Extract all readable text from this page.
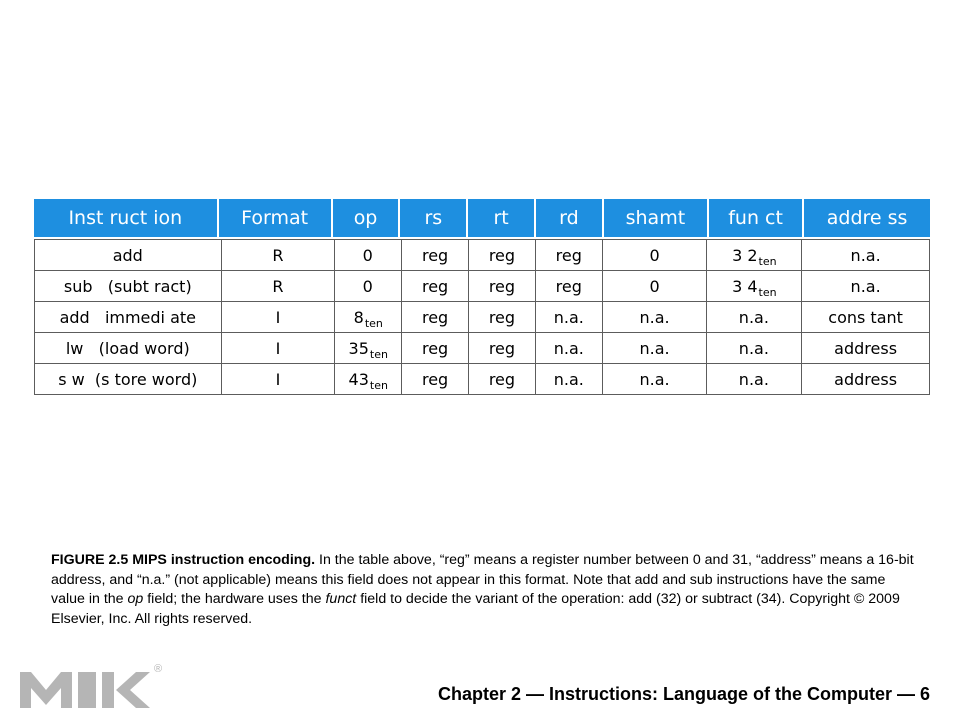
Inst ruct ion	Format	op	rs	rt	rd	shamt	fun ct	addre ss
add	R	0	reg	reg	reg	0	3 2 ten	n.a.
sub   (subt ract)	R	0	reg	reg	reg	0	3 4 ten	n.a.
add   immedi ate	I	8 ten	reg	reg	n.a.	n.a.	n.a.	cons tant
lw   (load word)	I	35 ten	reg	reg	n.a.	n.a.	n.a.	address
s w  (s tore word)	I	43 ten	reg	reg	n.a.	n.a.	n.a.	address
FIGURE 2.5 MIPS instruction encoding. In the table above, “reg” means a register number between 0 and 31, “address” means a 16-bit address, and “n.a.” (not applicable) means this field does not appear in this format. Note that add and sub instructions have the same value in the op field; the hardware uses the funct field to decide the variant of the operation: add (32) or subtract (34). Copyright © 2009 Elsevier, Inc. All rights reserved.
®
Chapter 2 — Instructions: Language of the Computer — 6
